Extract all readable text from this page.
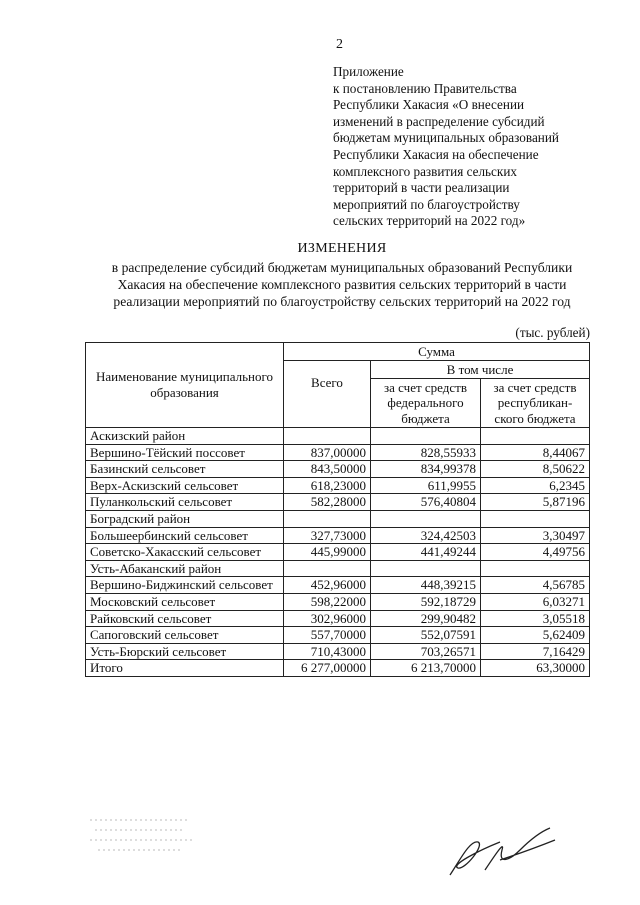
2
Приложение
к постановлению Правительства
Республики Хакасия «О внесении
изменений в распределение субсидий
бюджетам муниципальных образований
Республики Хакасия на обеспечение
комплексного развития сельских
территорий в части реализации
мероприятий по благоустройству
сельских территорий на 2022 год»
ИЗМЕНЕНИЯ
в распределение субсидий бюджетам муниципальных образований Республики
Хакасия на обеспечение комплексного развития сельских территорий в части
реализации мероприятий по благоустройству сельских территорий на 2022 год
(тыс. рублей)
Наименование муниципального образования	Сумма		
	Всего	В том числе	
		за счет средств федерального бюджета	за счет средств республикан-ского бюджета
Аскизский район			
Вершино-Тёйский поссовет	837,00000	828,55933	8,44067
Базинский сельсовет	843,50000	834,99378	8,50622
Верх-Аскизский сельсовет	618,23000	611,9955	6,2345
Пуланкольский сельсовет	582,28000	576,40804	5,87196
Боградский район			
Большеербинский сельсовет	327,73000	324,42503	3,30497
Советско-Хакасский сельсовет	445,99000	441,49244	4,49756
Усть-Абаканский район			
Вершино-Биджинский сельсовет	452,96000	448,39215	4,56785
Московский сельсовет	598,22000	592,18729	6,03271
Райковский сельсовет	302,96000	299,90482	3,05518
Сапоговский сельсовет	557,70000	552,07591	5,62409
Усть-Бюрский сельсовет	710,43000	703,26571	7,16429
Итого	6 277,00000	6 213,70000	63,30000
